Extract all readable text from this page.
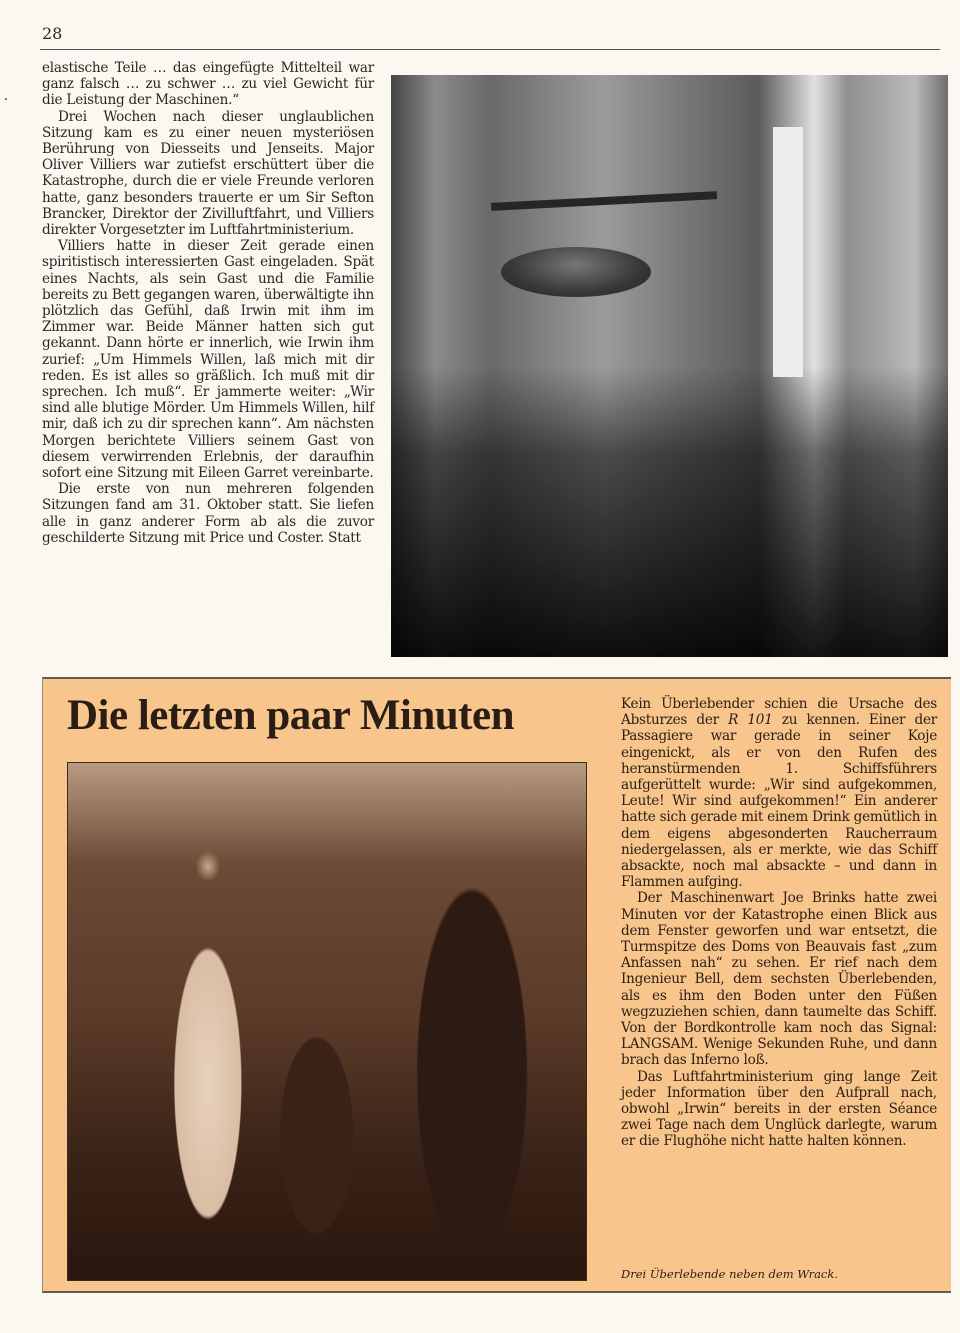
28

elastische Teile … das eingefügte Mittelteil war ganz falsch … zu schwer … zu viel Gewicht für die Leistung der Maschinen.“

Drei Wochen nach dieser unglaublichen Sitzung kam es zu einer neuen mysteriösen Berührung von Diesseits und Jenseits. Major Oliver Villiers war zutiefst erschüttert über die Katastrophe, durch die er viele Freunde verloren hatte, ganz besonders trauerte er um Sir Sefton Brancker, Direktor der Zivilluftfahrt, und Villiers direkter Vorgesetzter im Luftfahrtministerium.

Villiers hatte in dieser Zeit gerade einen spiritistisch interessierten Gast eingeladen. Spät eines Nachts, als sein Gast und die Familie bereits zu Bett gegangen waren, überwältigte ihn plötzlich das Gefühl, daß Irwin mit ihm im Zimmer war. Beide Männer hatten sich gut gekannt. Dann hörte er innerlich, wie Irwin ihm zurief: „Um Himmels Willen, laß mich mit dir reden. Es ist alles so gräßlich. Ich muß mit dir sprechen. Ich muß“. Er jammerte weiter: „Wir sind alle blutige Mörder. Um Himmels Willen, hilf mir, daß ich zu dir sprechen kann“. Am nächsten Morgen berichtete Villiers seinem Gast von diesem verwirrenden Erlebnis, der daraufhin sofort eine Sitzung mit Eileen Garret vereinbarte.

Die erste von nun mehreren folgenden Sitzungen fand am 31. Oktober statt. Sie liefen alle in ganz anderer Form ab als die zuvor geschilderte Sitzung mit Price und Coster. Statt

Die letzten paar Minuten	Kein Überlebender schien die Ursache des Absturzes der R 101 zu kennen. Einer der Passagiere war gerade in seiner Koje eingenickt, als er von den Rufen des heranstürmenden 1. Schiffsführers aufgerüttelt wurde: „Wir sind aufgekommen, Leute! Wir sind aufgekommen!“ Ein anderer hatte sich gerade mit einem Drink gemütlich in dem eigens abgesonderten Raucherraum niedergelassen, als er merkte, wie das Schiff absackte, noch mal absackte – und dann in Flammen aufging.

Der Maschinenwart Joe Brinks hatte zwei Minuten vor der Katastrophe einen Blick aus dem Fenster geworfen und war entsetzt, die Turmspitze des Doms von Beauvais fast „zum Anfassen nah“ zu sehen. Er rief nach dem Ingenieur Bell, dem sechsten Überlebenden, als es ihm den Boden unter den Füßen wegzuziehen schien, dann taumelte das Schiff. Von der Bordkontrolle kam noch das Signal: LANGSAM. Wenige Sekunden Ruhe, und dann brach das Inferno loß.

Das Luftfahrtministerium ging lange Zeit jeder Information über den Aufprall nach, obwohl „Irwin“ bereits in der ersten Séance zwei Tage nach dem Unglück darlegte, warum er die Flughöhe nicht hatte halten können.

Drei Überlebende neben dem Wrack.
